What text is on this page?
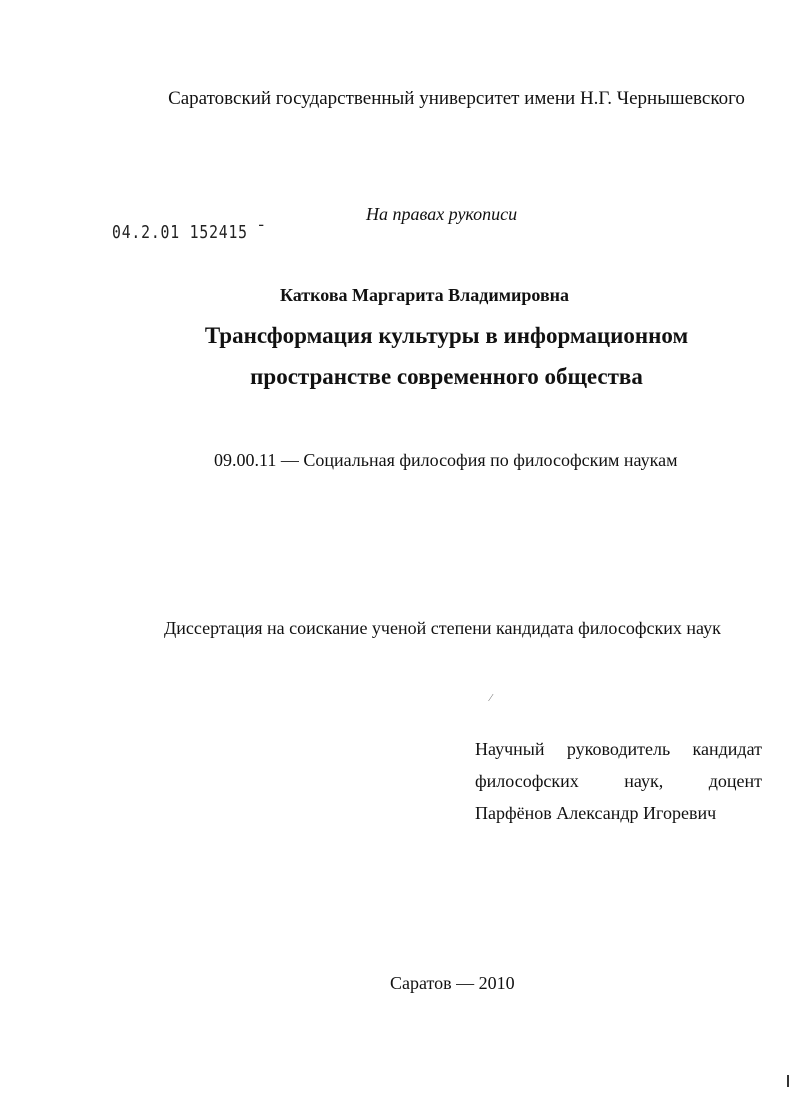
Саратовский государственный университет имени Н.Г. Чернышевского
На правах рукописи
04.2.01 152415 ̄
Каткова Маргарита Владимировна
Трансформация культуры в информационном
пространстве современного общества
09.00.11 — Социальная философия по философским наукам
Диссертация на соискание ученой степени кандидата философских наук
⁄
Научный руководитель кандидат
философских	наук,	доцент
Парфёнов Александр Игоревич
Саратов — 2010
